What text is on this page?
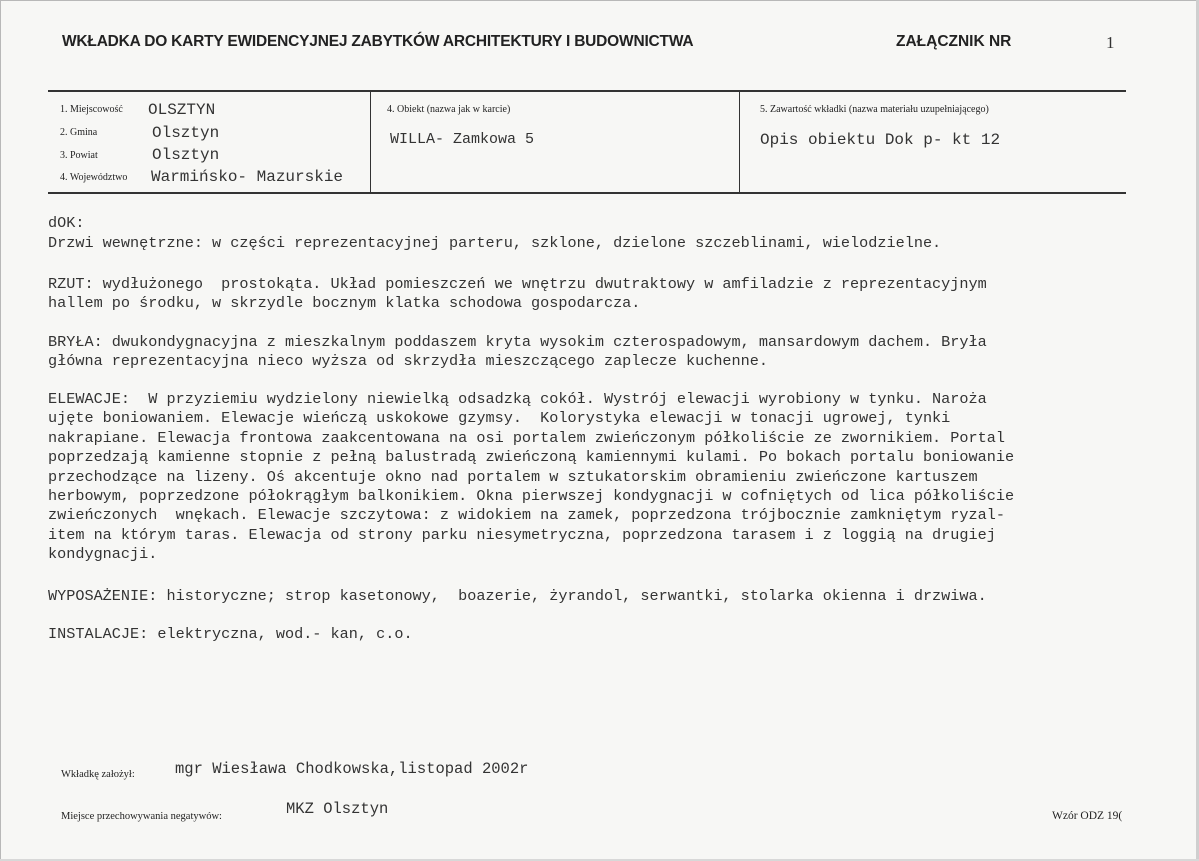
WKŁADKA DO KARTY EWIDENCYJNEJ ZABYTKÓW ARCHITEKTURY I BUDOWNICTWA	ZAŁĄCZNIK NR	1
1. Miejscowość OLSZTYN
2. Gmina	Olsztyn
3. Powiat	Olsztyn
4. Województwo Warmińsko- Mazurskie
4. Obiekt (nazwa jak w karcie)
WILLA- Zamkowa 5
5. Zawartość wkładki (nazwa materiału uzupełniającego)
Opis obiektu Dok p- kt 12
dOK:
Drzwi wewnętrzne: w części reprezentacyjnej parteru, szklone, dzielone szczeblinami, wielodzielne.
RZUT: wydłużonego  prostokąta. Układ pomieszczeń we wnętrzu dwutraktowy w amfiladzie z reprezentacyjnym
hallem po środku, w skrzydle bocznym klatka schodowa gospodarcza.
BRYŁA: dwukondygnacyjna z mieszkalnym poddaszem kryta wysokim czterospadowym, mansardowym dachem. Bryła
główna reprezentacyjna nieco wyższa od skrzydła mieszczącego zaplecze kuchenne.
ELEWACJE:  W przyziemiu wydzielony niewielką odsadzką cokół. Wystrój elewacji wyrobiony w tynku. Naroża
ujęte boniowaniem. Elewacje wieńczą uskokowe gzymsy.  Kolorystyka elewacji w tonacji ugrowej, tynki
nakrapiane. Elewacja frontowa zaakcentowana na osi portalem zwieńczonym półkoliście ze zwornikiem. Portal
poprzedzają kamienne stopnie z pełną balustradą zwieńczoną kamiennymi kulami. Po bokach portalu boniowanie
przechodzące na lizeny. Oś akcentuje okno nad portalem w sztukatorskim obramieniu zwieńczone kartuszem
herbowym, poprzedzone półokrągłym balkonikiem. Okna pierwszej kondygnacji w cofniętych od lica półkoliście
zwieńczonych  wnękach. Elewacje szczytowa: z widokiem na zamek, poprzedzona trójbocznie zamkniętym ryzal-
item na którym taras. Elewacja od strony parku niesymetryczna, poprzedzona tarasem i z loggią na drugiej
kondygnacji.
WYPOSAŻENIE: historyczne; strop kasetonowy,  boazerie, żyrandol, serwantki, stolarka okienna i drzwiwa.
INSTALACJE: elektryczna, wod.- kan, c.o.
Wkładkę założył:	mgr Wiesława Chodkowska,listopad 2002r
Miejsce przechowywania negatywów:	MKZ Olsztyn	Wzór ODZ 19(
